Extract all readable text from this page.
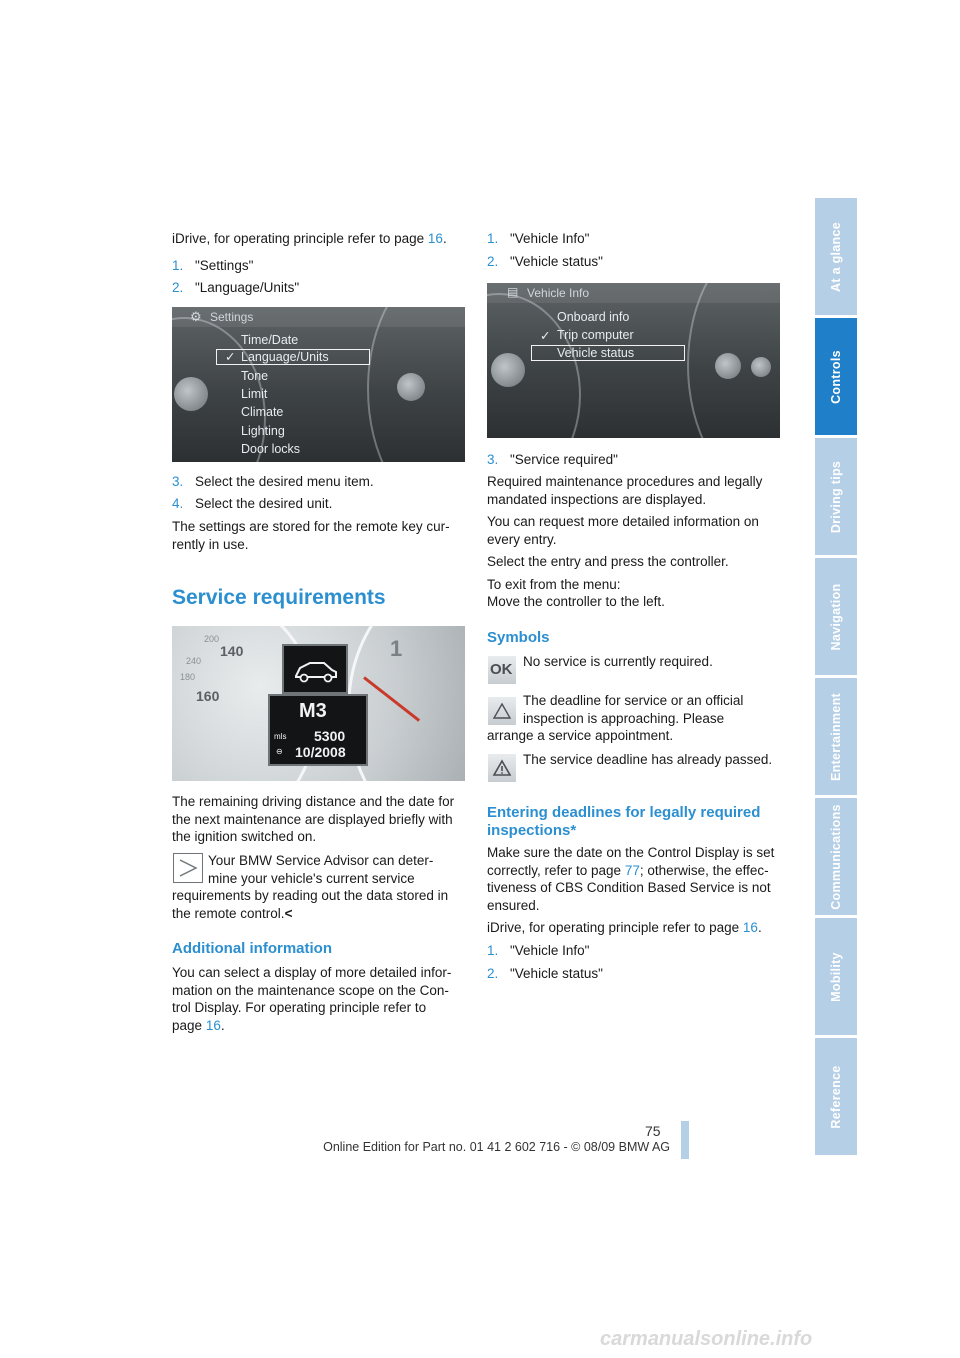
iDrive, for operating principle refer to page 16.
1. "Settings"
2. "Language/Units"
⚙ Settings
Time/Date
✓ Language/Units
Tone
Limit
Climate
Lighting
Door locks
3. Select the desired menu item.
4. Select the desired unit.
The settings are stored for the remote key cur-
rently in use.
Service requirements
200
140
240
180
160
1
M3
mls 5300
⊖ 10/2008
The remaining driving distance and the date for
the next maintenance are displayed briefly with
the ignition switched on.
Your BMW Service Advisor can deter-
mine your vehicle's current service
requirements by reading out the data stored in
the remote control.<
Additional information
You can select a display of more detailed infor-
mation on the maintenance scope on the Con-
trol Display. For operating principle refer to
page 16.
1. "Vehicle Info"
2. "Vehicle status"
▤ Vehicle Info
Onboard info
✓ Trip computer
Vehicle status
3. "Service required"
Required maintenance procedures and legally
mandated inspections are displayed.
You can request more detailed information on
every entry.
Select the entry and press the controller.
To exit from the menu:
Move the controller to the left.
Symbols
OK No service is currently required.
The deadline for service or an official
inspection is approaching. Please
arrange a service appointment.
The service deadline has already passed.
Entering deadlines for legally required
inspections*
Make sure the date on the Control Display is set
correctly, refer to page 77; otherwise, the effec-
tiveness of CBS Condition Based Service is not
ensured.
iDrive, for operating principle refer to page 16.
1. "Vehicle Info"
2. "Vehicle status"
At a glance
Controls
Driving tips
Navigation
Entertainment
Communications
Mobility
Reference
75
Online Edition for Part no. 01 41 2 602 716 - © 08/09 BMW AG
carmanualsonline.info
